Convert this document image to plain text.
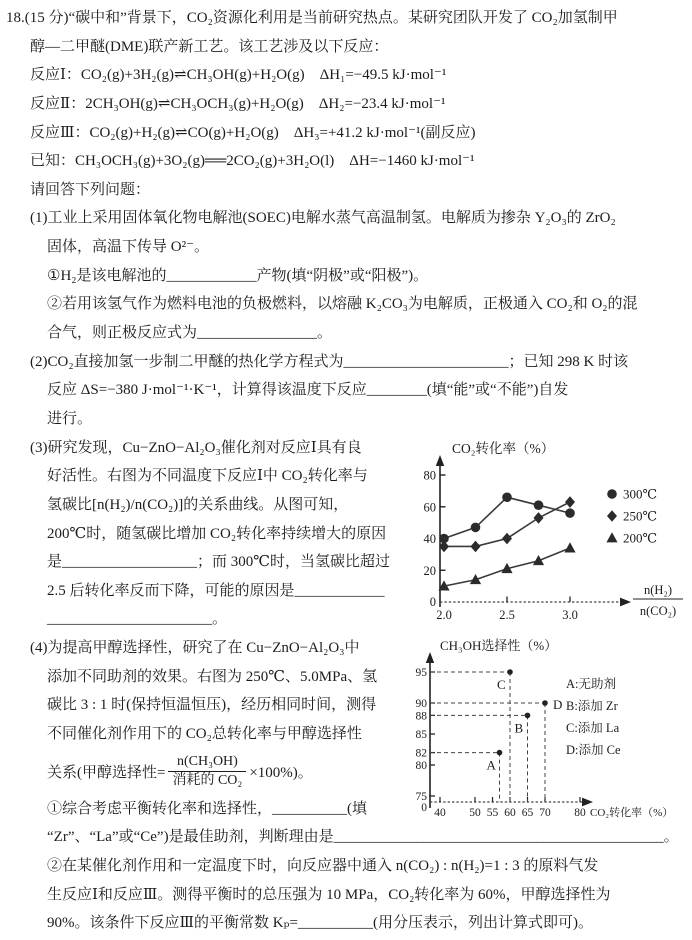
18.(15 分)“碳中和”背景下，CO₂资源化利用是当前研究热点。某研究团队开发了 CO₂加氢制甲
醇—二甲醚(DME)联产新工艺。该工艺涉及以下反应：
反应Ⅰ：CO₂(g)+3H₂(g)⇌CH₃OH(g)+H₂O(g)　ΔH₁=−49.5 kJ·mol⁻¹
反应Ⅱ：2CH₃OH(g)⇌CH₃OCH₃(g)+H₂O(g)　ΔH₂=−23.4 kJ·mol⁻¹
反应Ⅲ：CO₂(g)+H₂(g)⇌CO(g)+H₂O(g)　ΔH₃=+41.2 kJ·mol⁻¹(副反应)
已知：CH₃OCH₃(g)+3O₂(g)══2CO₂(g)+3H₂O(l)　ΔH=−1460 kJ·mol⁻¹
请回答下列问题：
(1)工业上采用固体氧化物电解池(SOEC)电解水蒸气高温制氢。电解质为掺杂 Y₂O₃的 ZrO₂
固体，高温下传导 O²⁻。
①H₂是该电解池的____________产物(填“阴极”或“阳极”)。
②若用该氢气作为燃料电池的负极燃料，以熔融 K₂CO₃为电解质，正极通入 CO₂和 O₂的混
合气，则正极反应式为________________。
(2)CO₂直接加氢一步制二甲醚的热化学方程式为______________________；已知 298 K 时该
反应 ΔS=−380 J·mol⁻¹·K⁻¹，计算得该温度下反应________(填“能”或“不能”)自发
进行。
(3)研究发现，Cu−ZnO−Al₂O₃催化剂对反应Ⅰ具有良
好活性。右图为不同温度下反应Ⅰ中 CO₂转化率与
氢碳比[n(H₂)/n(CO₂)]的关系曲线。从图可知，
200℃时，随氢碳比增加 CO₂转化率持续增大的原因
是__________________；而 300℃时，当氢碳比超过
2.5 后转化率反而下降，可能的原因是____________
______________________。
CO₂转化率（%）
0
20
40
60
80
2.0	2.5	3.0
n(H₂)
n(CO₂)
300℃
250℃
200℃
(4)为提高甲醇选择性，研究了在 Cu−ZnO−Al₂O₃中
添加不同助剂的效果。右图为 250℃、5.0MPa、氢
碳比 3 : 1 时(保持恒温恒压)，经历相同时间，测得
不同催化剂作用下的 CO₂总转化率与甲醇选择性
关系(甲醇选择性= $\frac{\text{n(CH₃OH)}}{\text{消耗的 CO₂}} \times 100\%$)。
①综合考虑平衡转化率和选择性，__________(填
“Zr”、“La”或“Ce”)是最佳助剂，判断理由是____________________________________________。
②在某催化剂作用和一定温度下时，向反应器中通入 n(CO₂) : n(H₂)=1 : 3 的原料气发
生反应Ⅰ和反应Ⅲ。测得平衡时的总压强为 10 MPa，CO₂转化率为 60%，甲醇选择性为
90%。该条件下反应Ⅲ的平衡常数 Kₚ=__________(用分压表示，列出计算式即可)。
CH₃OH选择性（%）
75
80
82
85
88
90
95
0 40 50 55 60 65 70 80 CO₂转化率（%）
A
B
C
D
A:无助剂
B:添加 Zr
C:添加 La
D:添加 Ce
